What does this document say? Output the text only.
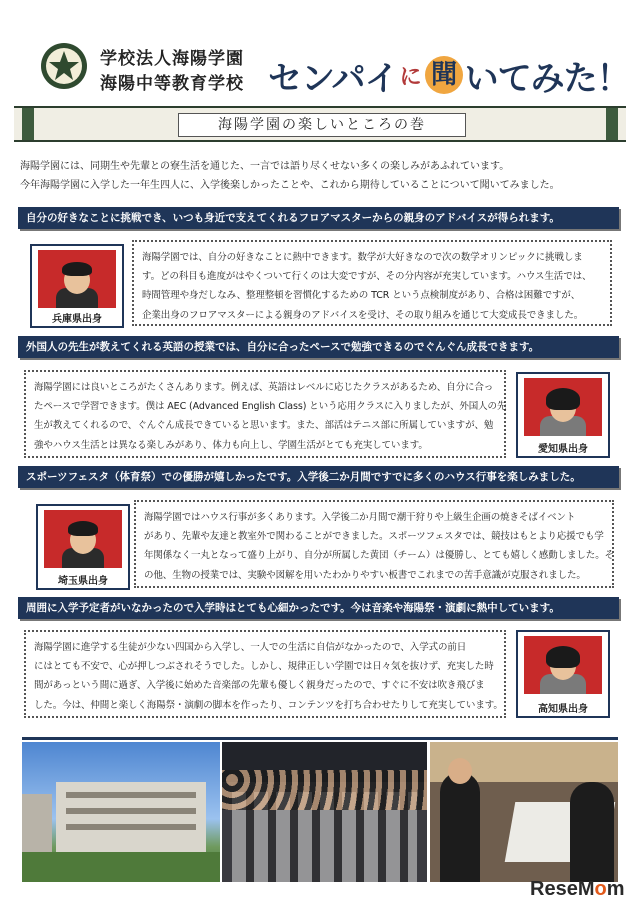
学校法人海陽学園
海陽中等教育学校 センパイ に 聞 いてみた！
海陽学園の楽しいところの巻
海陽学園には、同期生や先輩との寮生活を通じた、一言では語り尽くせない多くの楽しみがあふれています。
今年海陽学園に入学した一年生四人に、入学後楽しかったことや、これから期待していることについて聞いてみました。
自分の好きなことに挑戦でき、いつも身近で支えてくれるフロアマスターからの親身のアドバイスが得られます。
兵庫県出身
海陽学園では、自分の好きなことに熱中できます。数学が大好きなので次の数学オリンピックに挑戦しま
す。どの科目も進度がはやくついて行くのは大変ですが、その分内容が充実しています。ハウス生活では、
時間管理や身だしなみ、整理整頓を習慣化するための TCR という点検制度があり、合格は困難ですが、
企業出身のフロアマスターによる親身のアドバイスを受け、その取り組みを通じて大変成長できました。
外国人の先生が教えてくれる英語の授業では、自分に合ったペースで勉強できるのでぐんぐん成長できます。
海陽学園には良いところがたくさんあります。例えば、英語はレベルに応じたクラスがあるため、自分に合っ
たペースで学習できます。僕は AEC (Advanced English Class) という応用クラスに入りましたが、外国人の先
生が教えてくれるので、ぐんぐん成長できていると思います。また、部活はテニス部に所属していますが、勉
強やハウス生活とは異なる楽しみがあり、体力も向上し、学園生活がとても充実しています。	愛知県出身
スポーツフェスタ（体育祭）での優勝が嬉しかったです。入学後二か月間ですでに多くのハウス行事を楽しみました。
埼玉県出身
海陽学園ではハウス行事が多くあります。入学後二か月間で潮干狩りや上級生企画の焼きそばイベント
があり、先輩や友達と教室外で関わることができました。スポーツフェスタでは、競技はもとより応援でも学
年関係なく一丸となって盛り上がり、自分が所属した黄団（チーム）は優勝し、とても嬉しく感動しました。そ
の他、生物の授業では、実験や図解を用いたわかりやすい板書でこれまでの苦手意識が克服されました。
周囲に入学予定者がいなかったので入学時はとても心細かったです。今は音楽や海陽祭・演劇に熱中しています。
海陽学園に進学する生徒が少ない四国から入学し、一人での生活に自信がなかったので、入学式の前日
にはとても不安で、心が押しつぶされそうでした。しかし、規律正しい学園では日々気を抜けず、充実した時
間があっという間に過ぎ、入学後に始めた音楽部の先輩も優しく親身だったので、すぐに不安は吹き飛びま
した。今は、仲間と楽しく海陽祭・演劇の脚本を作ったり、コンテンツを打ち合わせたりして充実しています。	高知県出身
ReseMom
